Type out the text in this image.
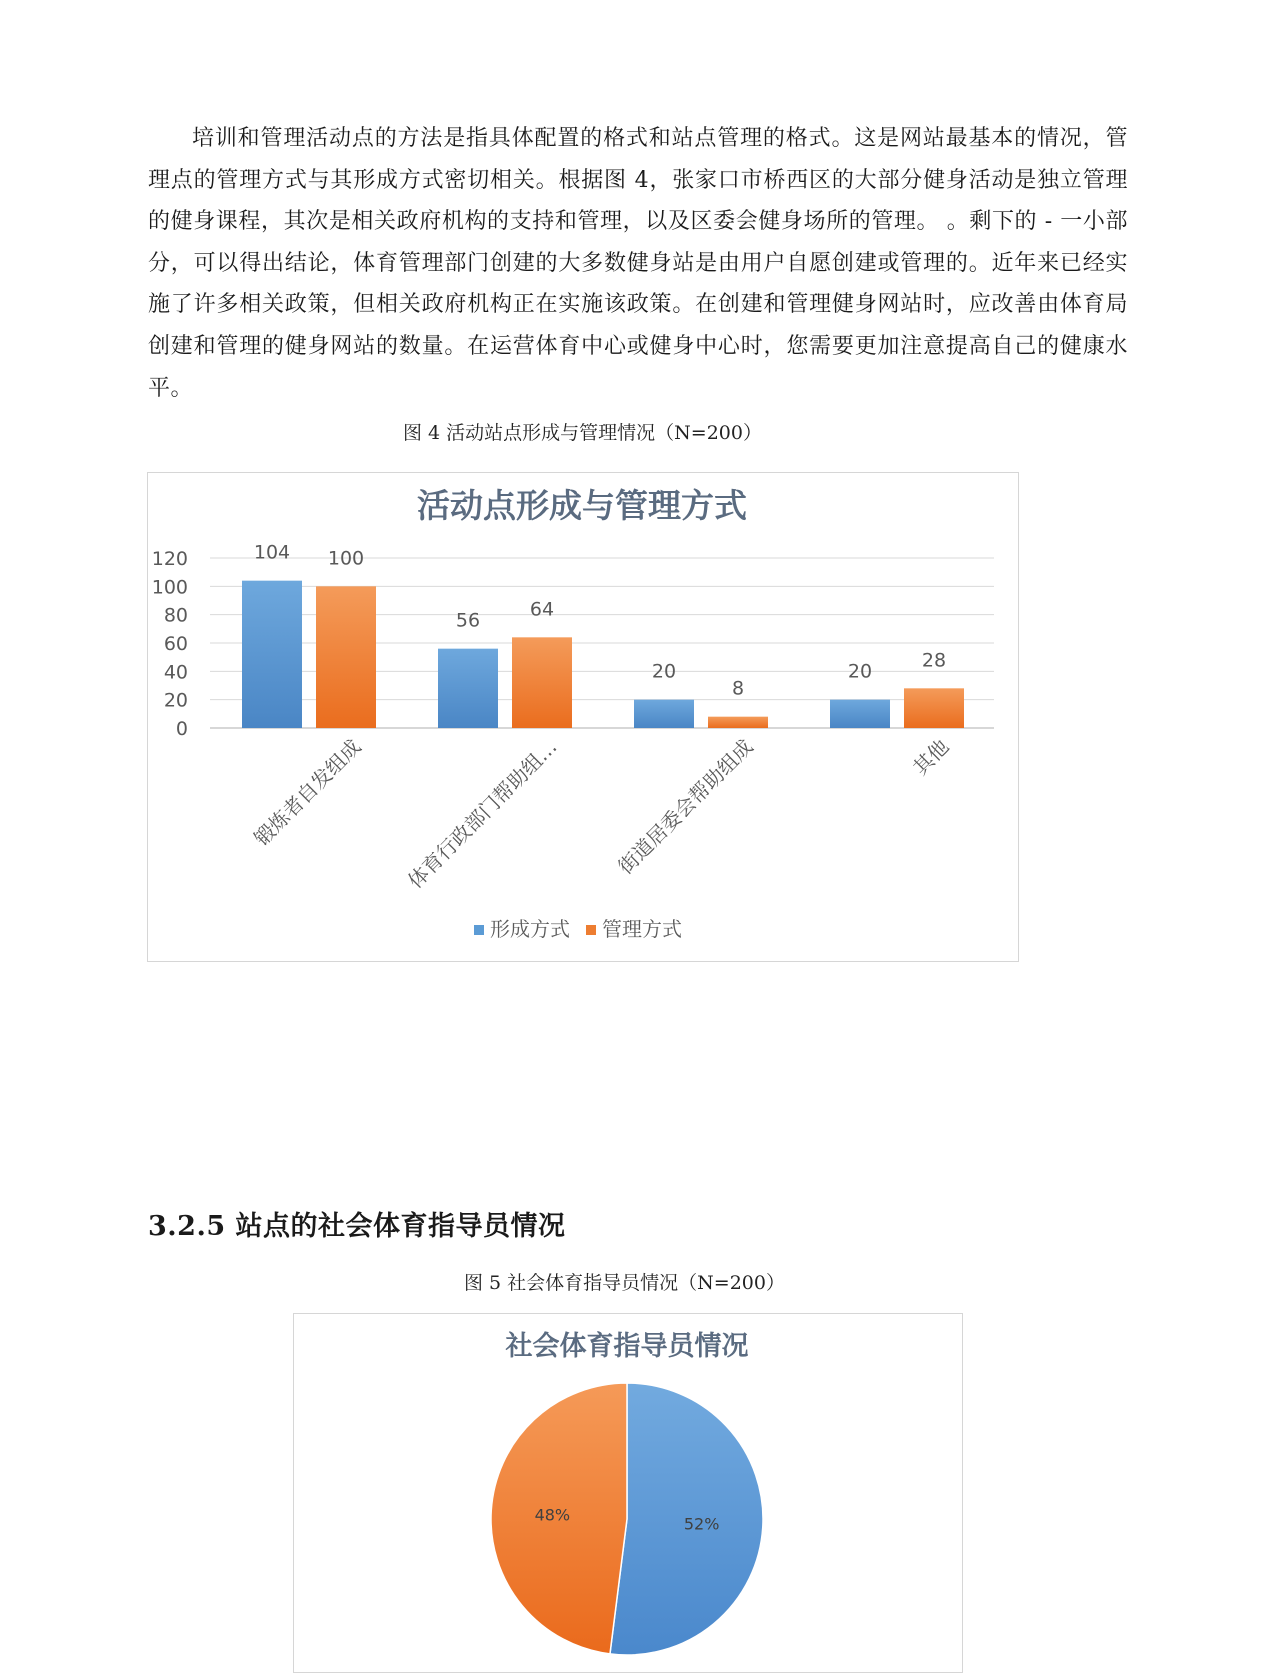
培训和管理活动点的方法是指具体配置的格式和站点管理的格式。这是网站最基本的情况，管理点的管理方式与其形成方式密切相关。根据图 4，张家口市桥西区的大部分健身活动是独立管理的健身课程，其次是相关政府机构的支持和管理，以及区委会健身场所的管理。 。剩下的 - 一小部分，可以得出结论，体育管理部门创建的大多数健身站是由用户自愿创建或管理的。近年来已经实施了许多相关政策，但相关政府机构正在实施该政策。在创建和管理健身网站时，应改善由体育局创建和管理的健身网站的数量。在运营体育中心或健身中心时，您需要更加注意提高自己的健康水平。

图 4 活动站点形成与管理情况（N=200）

活动点形成与管理方式
0
20
40
60
80
100
120	104 100
56
64
20
8
20
28
锻炼者自发组成 体育行政部门帮助组…	街道居委会帮助组成	其他
形成方式 管理方式
3.2.5 站点的社会体育指导员情况

图 5 社会体育指导员情况（N=200）

社会体育指导员情况
52%
48%
